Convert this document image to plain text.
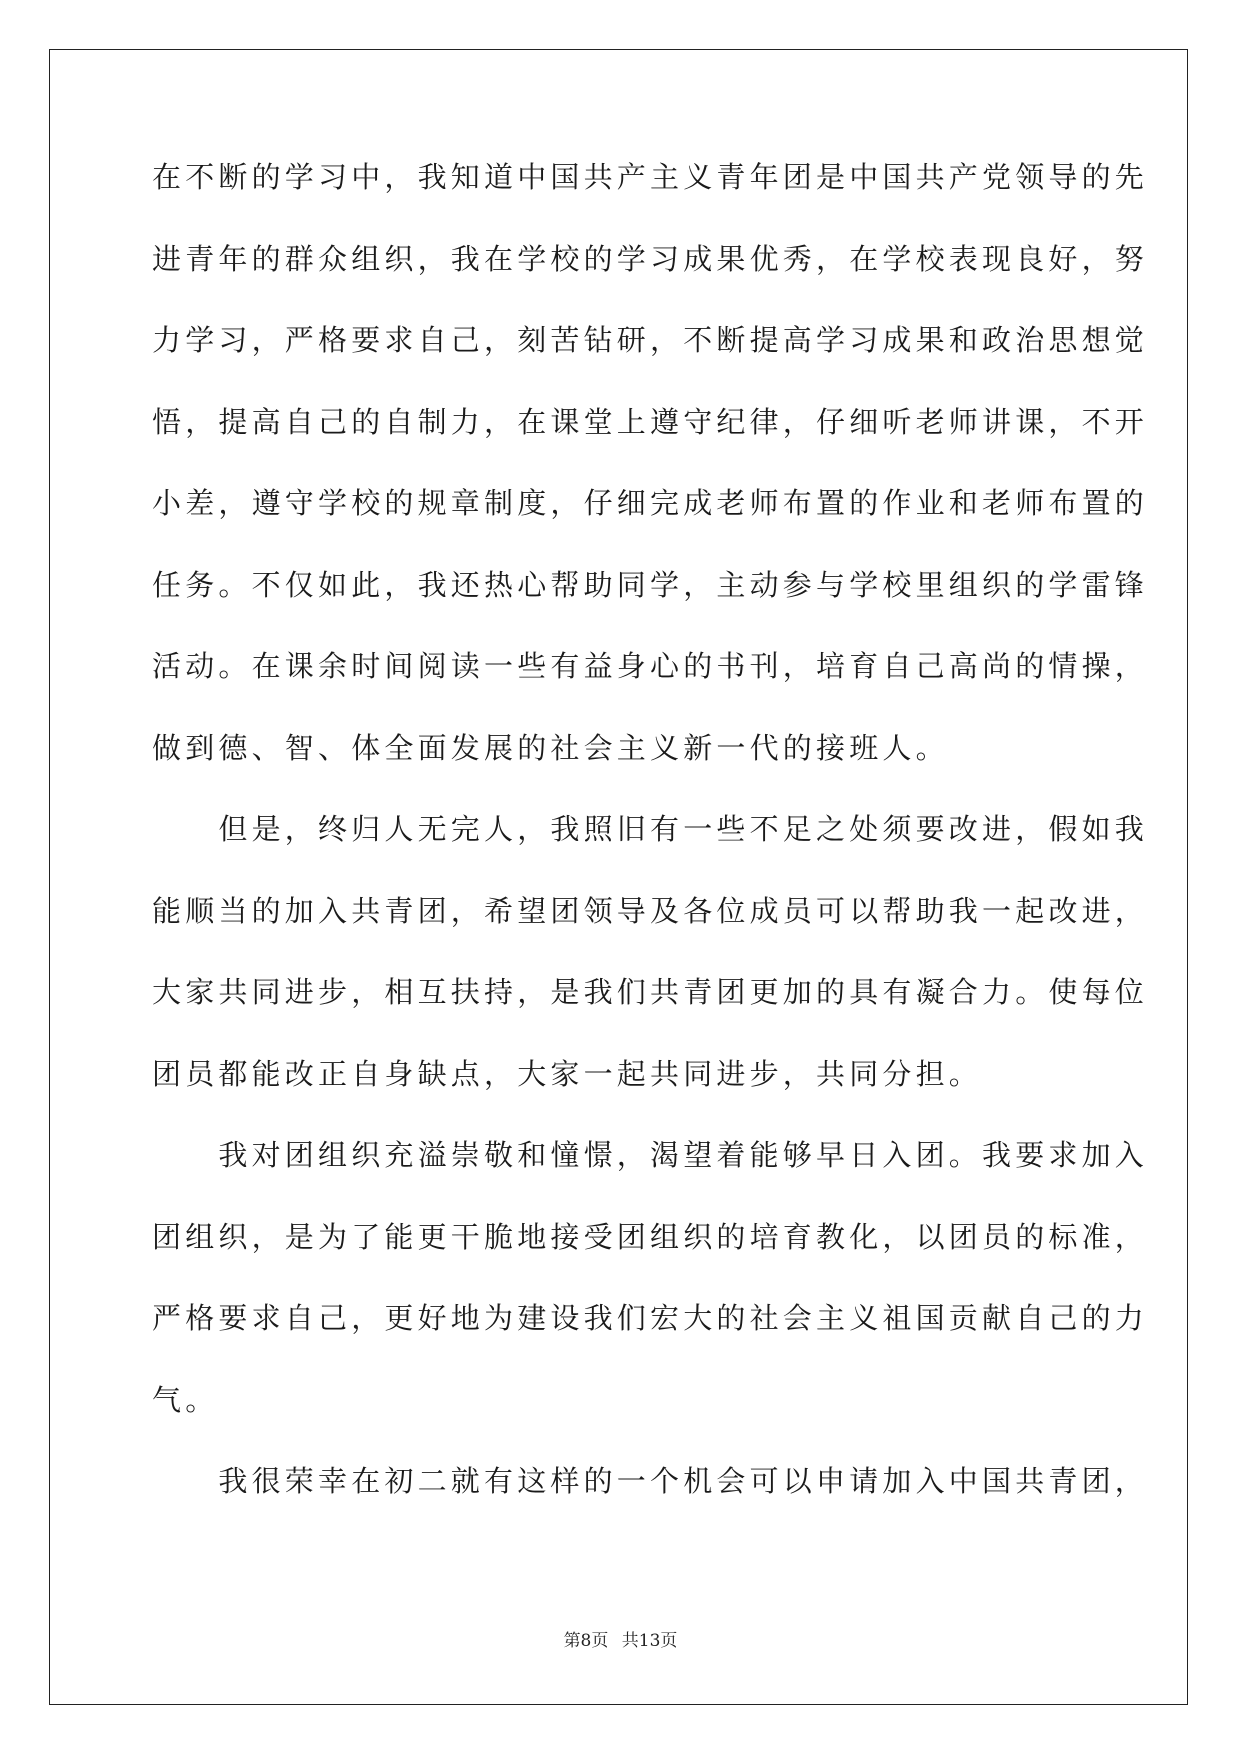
在不断的学习中，我知道中国共产主义青年团是中国共产党领导的先
进青年的群众组织，我在学校的学习成果优秀，在学校表现良好，努
力学习，严格要求自己，刻苦钻研，不断提高学习成果和政治思想觉
悟，提高自己的自制力，在课堂上遵守纪律，仔细听老师讲课，不开
小差，遵守学校的规章制度，仔细完成老师布置的作业和老师布置的
任务。不仅如此，我还热心帮助同学，主动参与学校里组织的学雷锋
活动。在课余时间阅读一些有益身心的书刊，培育自己高尚的情操，
做到德、智、体全面发展的社会主义新一代的接班人。
　　但是，终归人无完人，我照旧有一些不足之处须要改进，假如我
能顺当的加入共青团，希望团领导及各位成员可以帮助我一起改进，
大家共同进步，相互扶持，是我们共青团更加的具有凝合力。使每位
团员都能改正自身缺点，大家一起共同进步，共同分担。
　　我对团组织充溢崇敬和憧憬，渴望着能够早日入团。我要求加入
团组织，是为了能更干脆地接受团组织的培育教化，以团员的标准，
严格要求自己，更好地为建设我们宏大的社会主义祖国贡献自己的力
气。
　　我很荣幸在初二就有这样的一个机会可以申请加入中国共青团，
第8页 共13页
